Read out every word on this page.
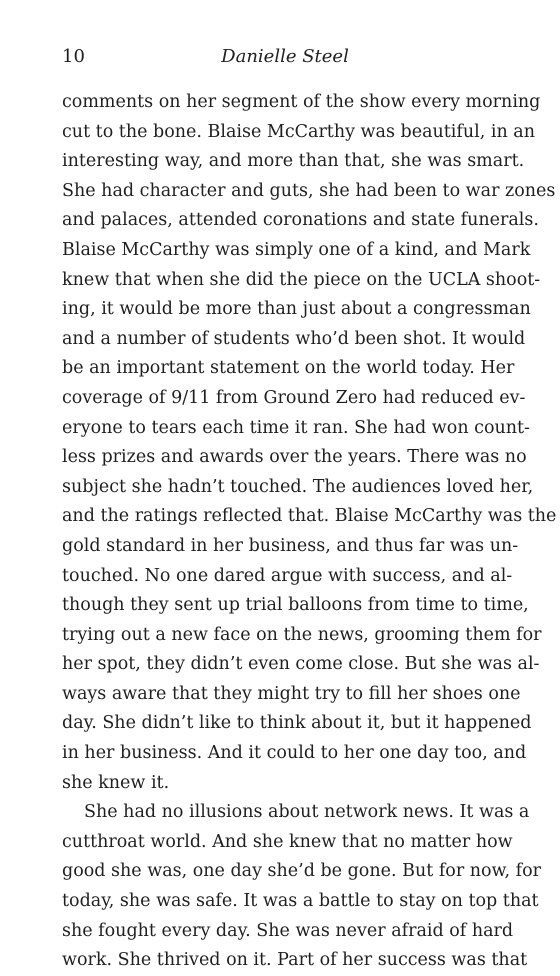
10	Danielle Steel
comments on her segment of the show every morning
cut to the bone. Blaise McCarthy was beautiful, in an
interesting way, and more than that, she was smart.
She had character and guts, she had been to war zones
and palaces, attended coronations and state funerals.
Blaise McCarthy was simply one of a kind, and Mark
knew that when she did the piece on the UCLA shoot-
ing, it would be more than just about a congressman
and a number of students who’d been shot. It would
be an important statement on the world today. Her
coverage of 9/11 from Ground Zero had reduced ev-
eryone to tears each time it ran. She had won count-
less prizes and awards over the years. There was no
subject she hadn’t touched. The audiences loved her,
and the ratings reflected that. Blaise McCarthy was the
gold standard in her business, and thus far was un-
touched. No one dared argue with success, and al-
though they sent up trial balloons from time to time,
trying out a new face on the news, grooming them for
her spot, they didn’t even come close. But she was al-
ways aware that they might try to fill her shoes one
day. She didn’t like to think about it, but it happened
in her business. And it could to her one day too, and
she knew it.
She had no illusions about network news. It was a
cutthroat world. And she knew that no matter how
good she was, one day she’d be gone. But for now, for
today, she was safe. It was a battle to stay on top that
she fought every day. She was never afraid of hard
work. She thrived on it. Part of her success was that
